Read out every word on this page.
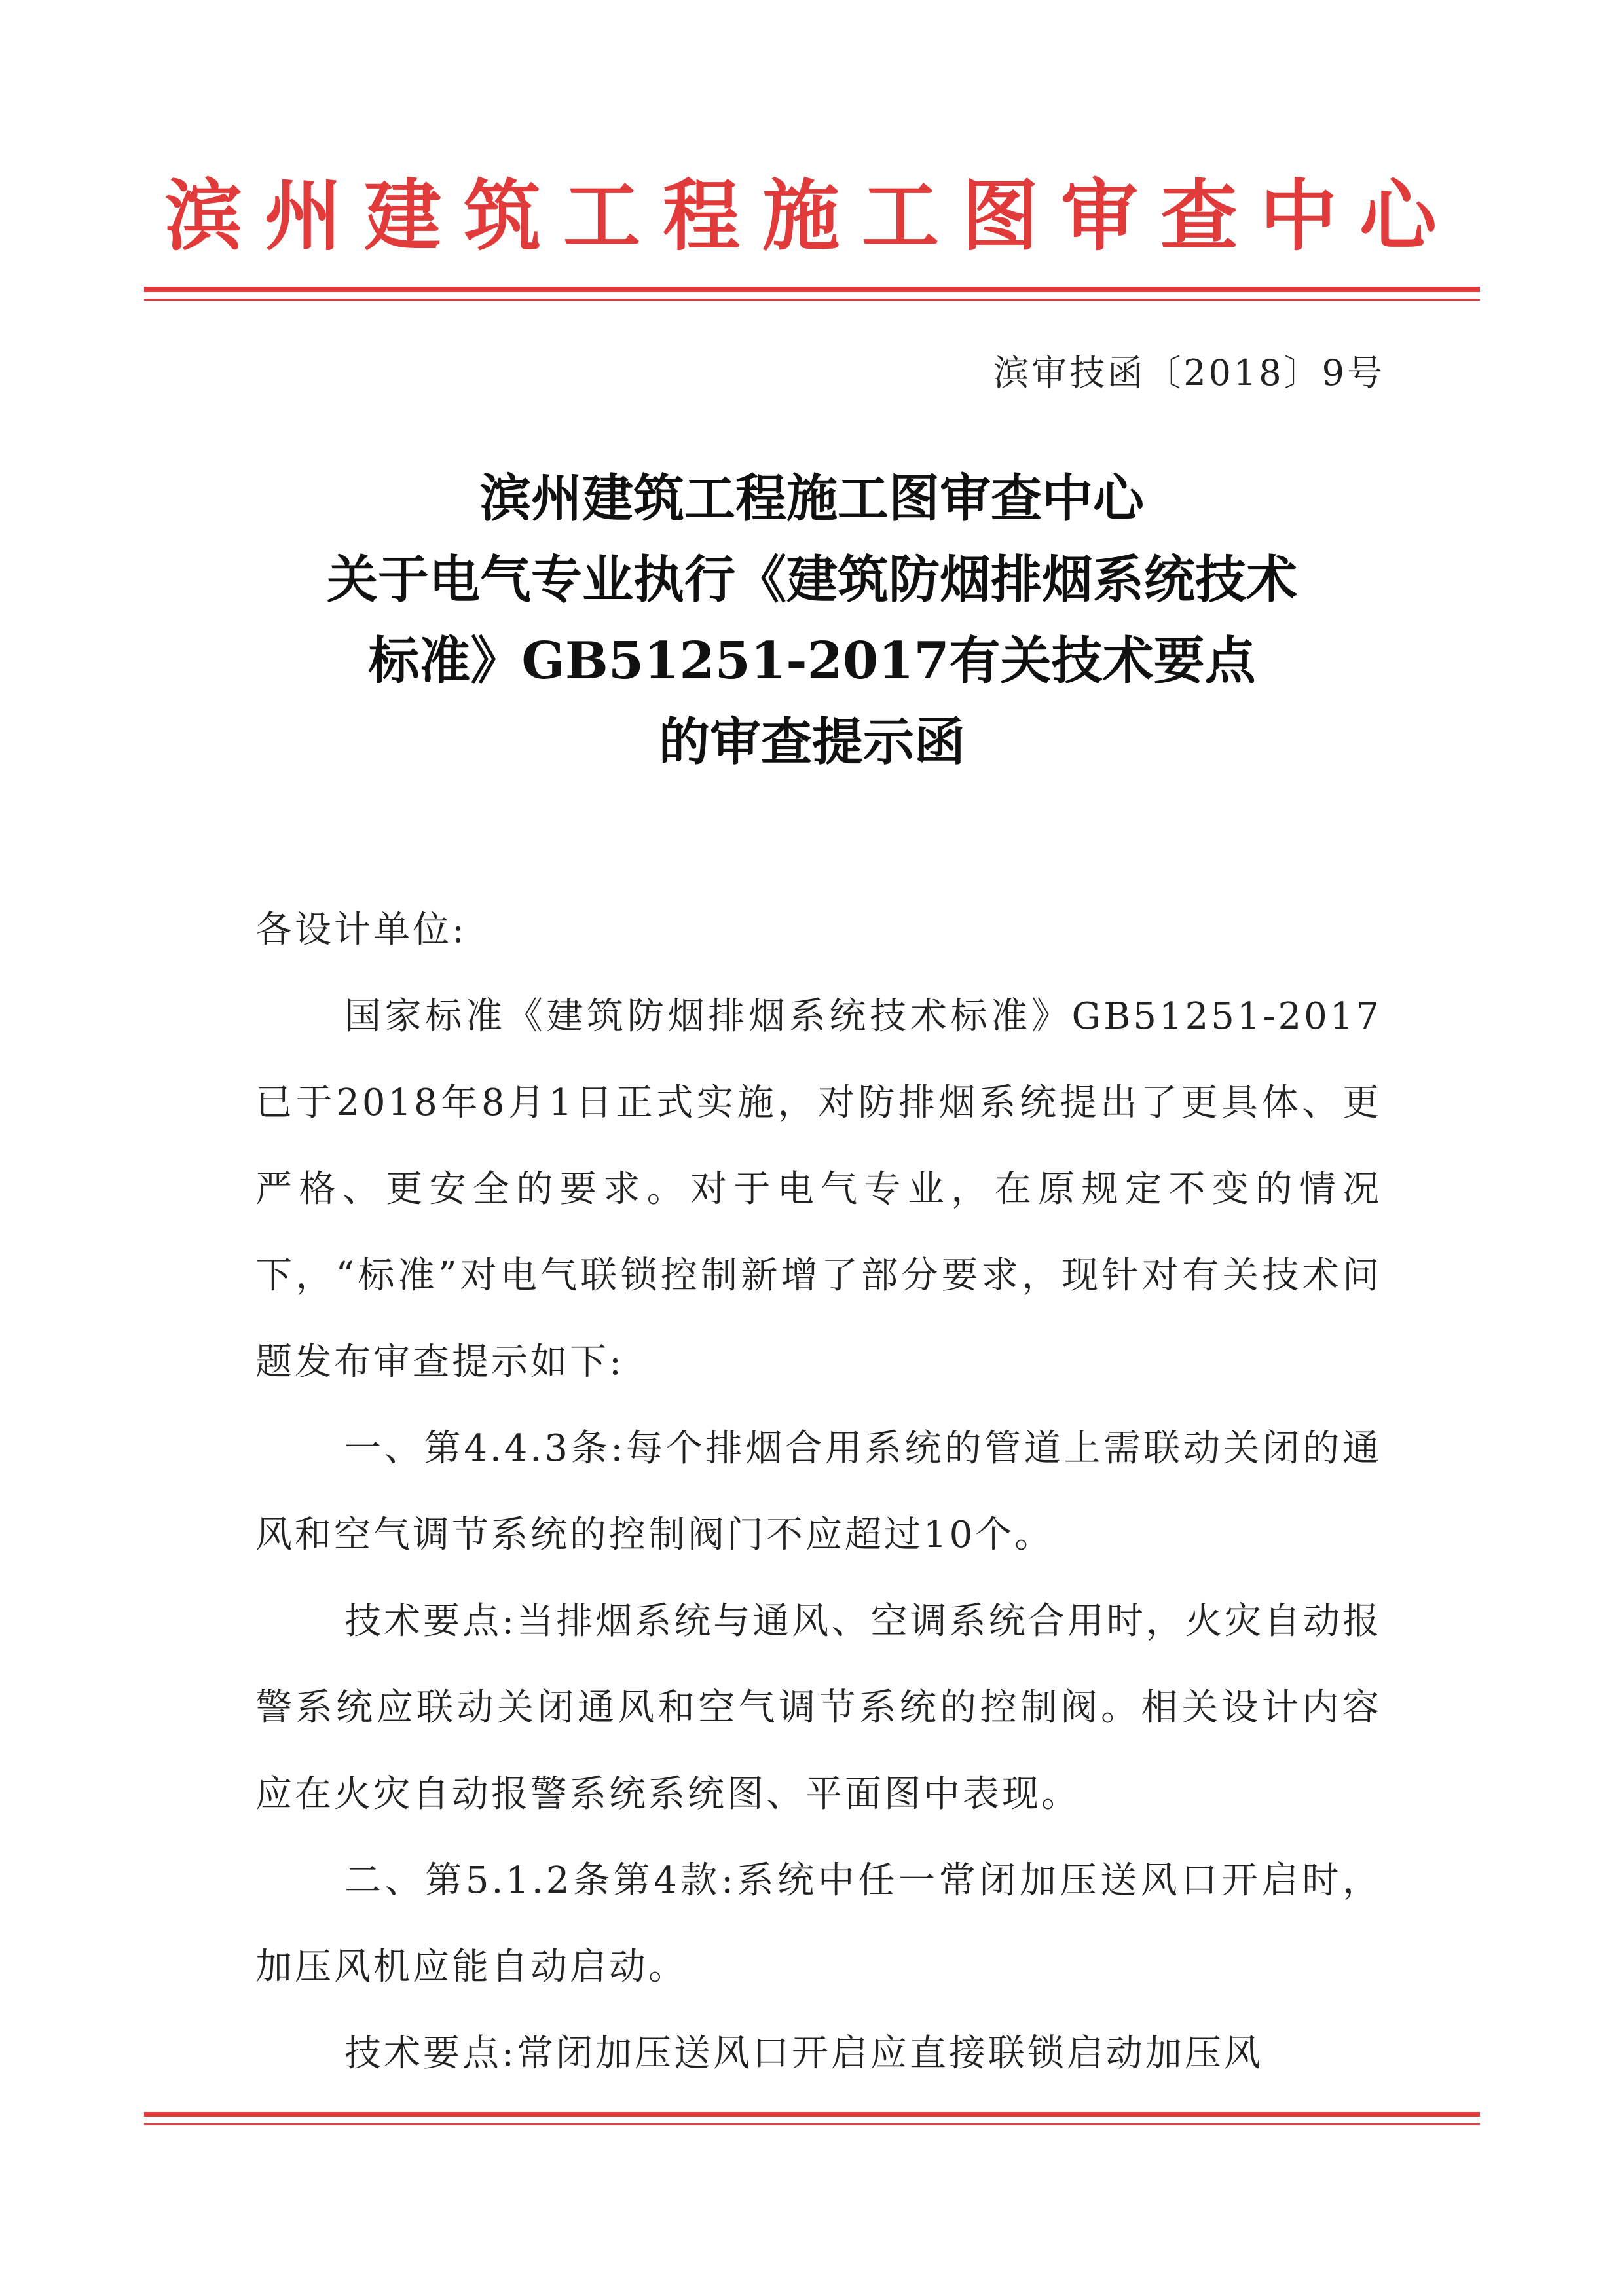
滨州建筑工程施工图审查中心
滨审技函〔2018〕9号
滨州建筑工程施工图审查中心
关于电气专业执行《建筑防烟排烟系统技术
标准》GB51251-2017有关技术要点
的审查提示函

各设计单位:

国家标准《建筑防烟排烟系统技术标准》GB51251-2017已于2018年8月1日正式实施，对防排烟系统提出了更具体、更严格、更安全的要求。对于电气专业，在原规定不变的情况下，“标准”对电气联锁控制新增了部分要求，现针对有关技术问题发布审查提示如下:

一、第4.4.3条:每个排烟合用系统的管道上需联动关闭的通风和空气调节系统的控制阀门不应超过10个。

技术要点:当排烟系统与通风、空调系统合用时，火灾自动报警系统应联动关闭通风和空气调节系统的控制阀。相关设计内容应在火灾自动报警系统系统图、平面图中表现。

二、第5.1.2条第4款:系统中任一常闭加压送风口开启时，加压风机应能自动启动。

技术要点:常闭加压送风口开启应直接联锁启动加压风
